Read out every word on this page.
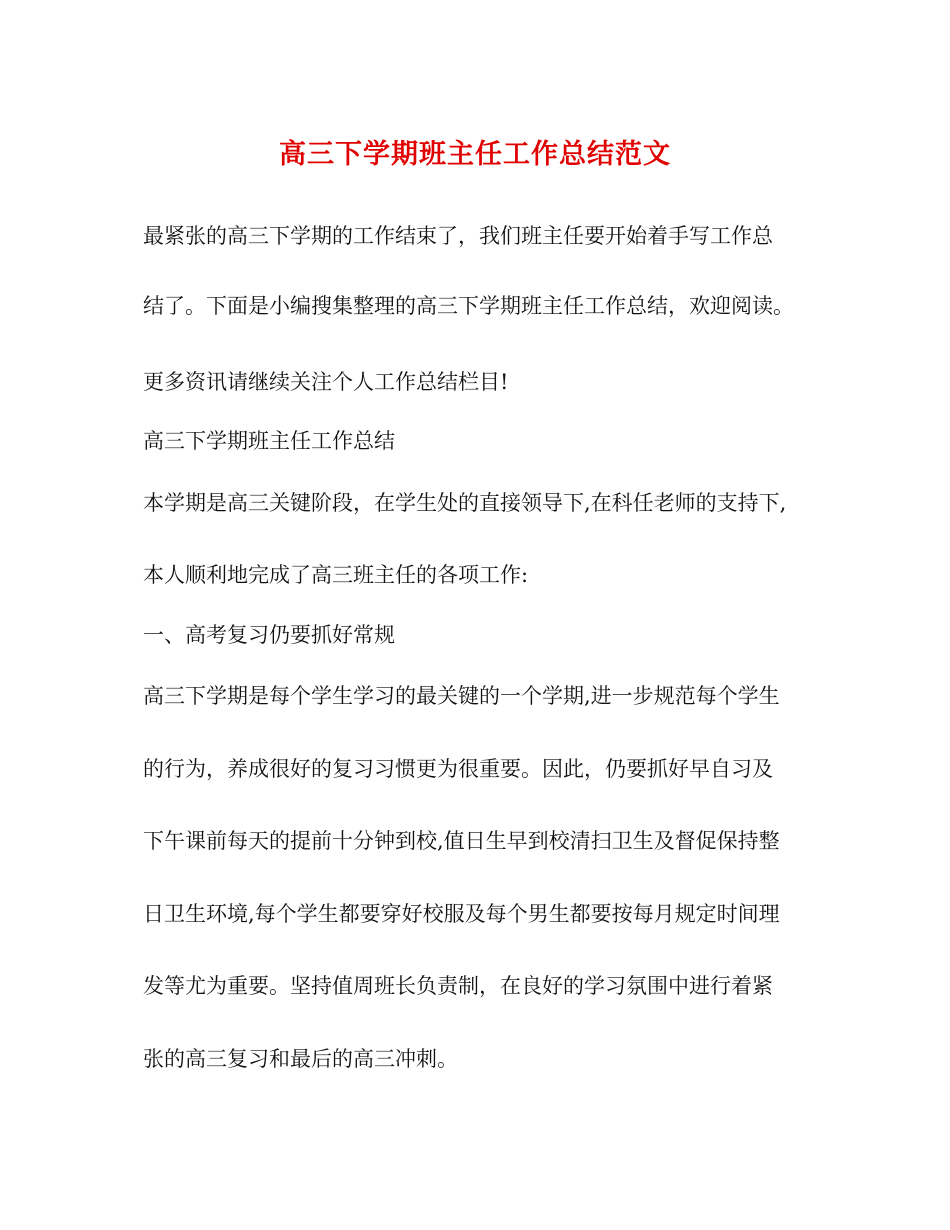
高三下学期班主任工作总结范文
最紧张的高三下学期的工作结束了，我们班主任要开始着手写工作总
结了。下面是小编搜集整理的高三下学期班主任工作总结，欢迎阅读。
更多资讯请继续关注个人工作总结栏目!
高三下学期班主任工作总结
本学期是高三关键阶段，在学生处的直接领导下,在科任老师的支持下,
本人顺利地完成了高三班主任的各项工作:
一、高考复习仍要抓好常规
高三下学期是每个学生学习的最关键的一个学期,进一步规范每个学生
的行为，养成很好的复习习惯更为很重要。因此，仍要抓好早自习及
下午课前每天的提前十分钟到校,值日生早到校清扫卫生及督促保持整
日卫生环境,每个学生都要穿好校服及每个男生都要按每月规定时间理
发等尤为重要。坚持值周班长负责制，在良好的学习氛围中进行着紧
张的高三复习和最后的高三冲刺。
